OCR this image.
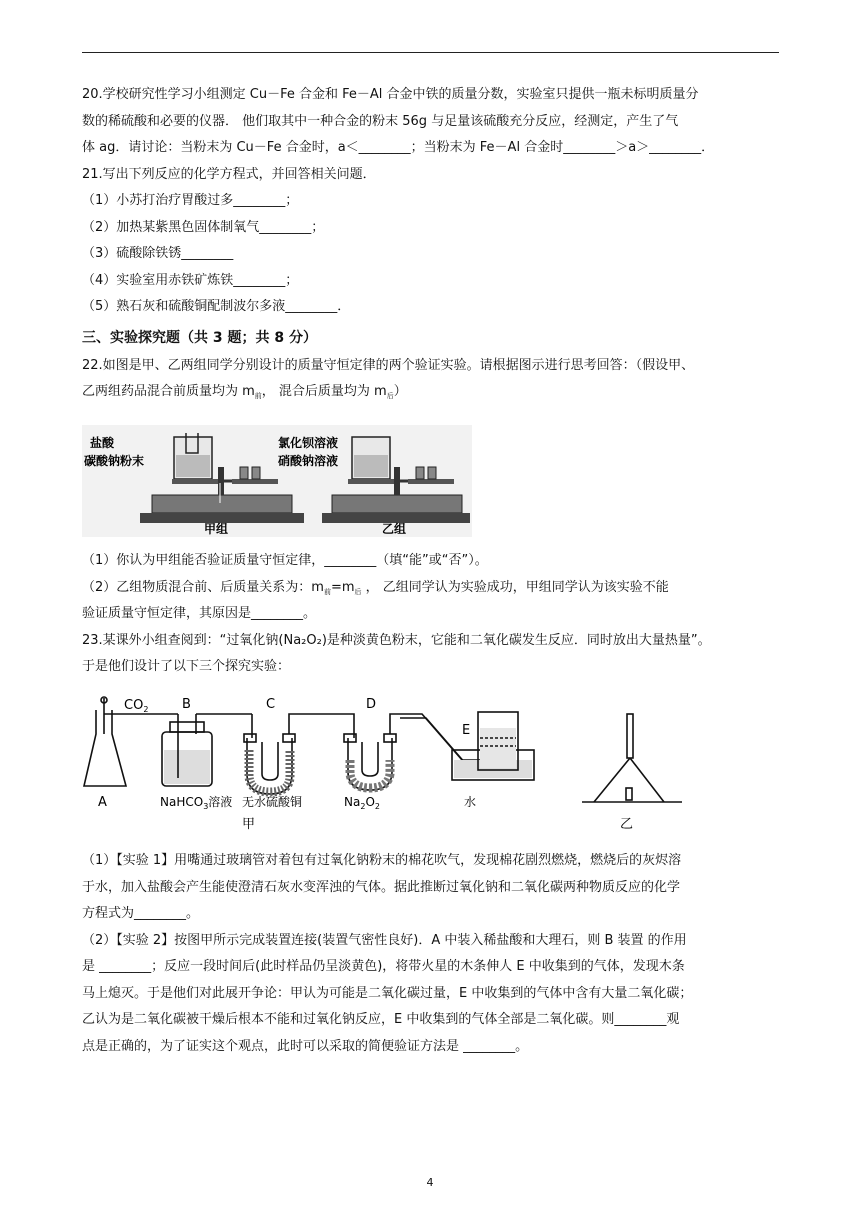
20.学校研究性学习小组测定 Cu－Fe 合金和 Fe－Al 合金中铁的质量分数，实验室只提供一瓶未标明质量分
数的稀硫酸和必要的仪器． 他们取其中一种合金的粉末 56g 与足量该硫酸充分反应，经测定，产生了气
体 ag．请讨论：当粉末为 Cu－Fe 合金时，a＜________；当粉末为 Fe－Al 合金时________＞a＞________．
21.写出下列反应的化学方程式，并回答相关问题．
（1）小苏打治疗胃酸过多________；
（2）加热某紫黑色固体制氧气________；
（3）硫酸除铁锈________
（4）实验室用赤铁矿炼铁________；
（5）熟石灰和硫酸铜配制波尔多液________．
三、实验探究题（共 3 题；共 8 分）
22.如图是甲、乙两组同学分别设计的质量守恒定律的两个验证实验。请根据图示进行思考回答：（假设甲、
乙两组药品混合前质量均为 $m_前$， 混合后质量均为 $m_后$）
盐酸
碳酸钠粉末
甲组
氯化钡溶液
硝酸钠溶液
乙组
（1）你认为甲组能否验证质量守恒定律，________（填“能”或“否”）。
（2）乙组物质混合前、后质量关系为：$m_前=m_后$ ， 乙组同学认为实验成功，甲组同学认为该实验不能
验证质量守恒定律，其原因是________。
23.某课外小组查阅到：“过氧化钠(Na₂O₂)是种淡黄色粉末，它能和二氧化碳发生反应．同时放出大量热量”。
于是他们设计了以下三个探究实验：
$CO_2$
A
B
NaHCO$_3$溶液
C
无水硫酸铜
D
$Na_2O_2$
E
水
甲	乙
（1）【实验 1】用嘴通过玻璃管对着包有过氧化钠粉末的棉花吹气，发现棉花剧烈燃烧，燃烧后的灰烬溶
于水，加入盐酸会产生能使澄清石灰水变浑浊的气体。据此推断过氧化钠和二氧化碳两种物质反应的化学
方程式为________。
（2）【实验 2】按图甲所示完成装置连接(装置气密性良好)．A 中装入稀盐酸和大理石，则 B 装置 的作用
是 ________；反应一段时间后(此时样品仍呈淡黄色)，将带火星的木条伸人 E 中收集到的气体，发现木条
马上熄灭。于是他们对此展开争论：甲认为可能是二氧化碳过量，E 中收集到的气体中含有大量二氧化碳；
乙认为是二氧化碳被干燥后根本不能和过氧化钠反应，E 中收集到的气体全部是二氧化碳。则________观
点是正确的，为了证实这个观点，此时可以采取的简便验证方法是 ________。
4
